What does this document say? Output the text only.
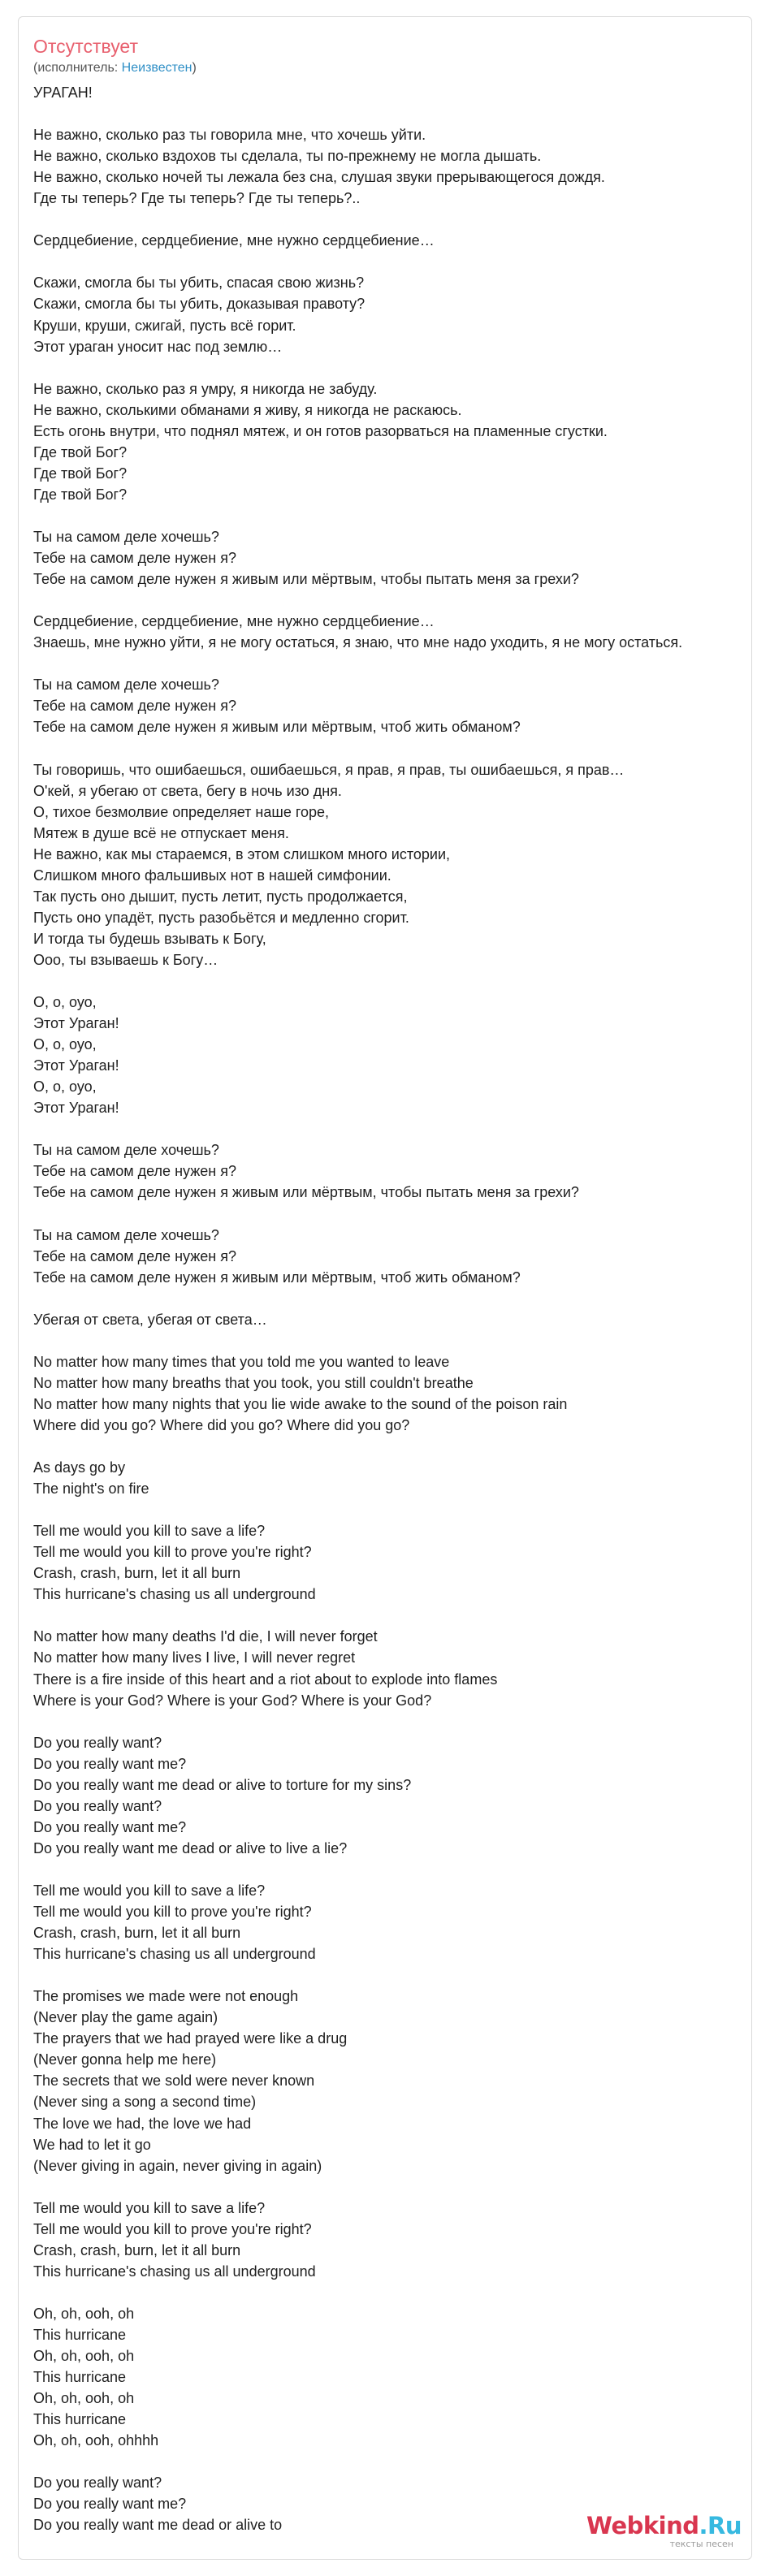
Отсутствует
(исполнитель: Неизвестен)
УРАГАН!
Не важно, сколько раз ты говорила мне, что хочешь уйти.
Не важно, сколько вздохов ты сделала, ты по-прежнему не могла дышать.
Не важно, сколько ночей ты лежала без сна, слушая звуки прерывающегося дождя.
Где ты теперь? Где ты теперь? Где ты теперь?..
Сердцебиение, сердцебиение, мне нужно сердцебиение…
Скажи, смогла бы ты убить, спасая свою жизнь?
Скажи, смогла бы ты убить, доказывая правоту?
Круши, круши, сжигай, пусть всё горит.
Этот ураган уносит нас под землю…
Не важно, сколько раз я умру, я никогда не забуду.
Не важно, сколькими обманами я живу, я никогда не раскаюсь.
Есть огонь внутри, что поднял мятеж, и он готов разорваться на пламенные сгустки.
Где твой Бог?
Где твой Бог?
Где твой Бог?
Ты на самом деле хочешь?
Тебе на самом деле нужен я?
Тебе на самом деле нужен я живым или мёртвым, чтобы пытать меня за грехи?
Сердцебиение, сердцебиение, мне нужно сердцебиение…
Знаешь, мне нужно уйти, я не могу остаться, я знаю, что мне надо уходить, я не могу остаться.
Ты на самом деле хочешь?
Тебе на самом деле нужен я?
Тебе на самом деле нужен я живым или мёртвым, чтоб жить обманом?
Ты говоришь, что ошибаешься, ошибаешься, я прав, я прав, ты ошибаешься, я прав…
О'кей, я убегаю от света, бегу в ночь изо дня.
О, тихое безмолвие определяет наше горе,
Мятеж в душе всё не отпускает меня.
Не важно, как мы стараемся, в этом слишком много истории,
Слишком много фальшивых нот в нашей симфонии.
Так пусть оно дышит, пусть летит, пусть продолжается,
Пусть оно упадёт, пусть разобьётся и медленно сгорит.
И тогда ты будешь взывать к Богу,
Ооо, ты взываешь к Богу…
О, о, оуо,
Этот Ураган!
О, о, оуо,
Этот Ураган!
О, о, оуо,
Этот Ураган!
Ты на самом деле хочешь?
Тебе на самом деле нужен я?
Тебе на самом деле нужен я живым или мёртвым, чтобы пытать меня за грехи?
Ты на самом деле хочешь?
Тебе на самом деле нужен я?
Тебе на самом деле нужен я живым или мёртвым, чтоб жить обманом?
Убегая от света, убегая от света…
No matter how many times that you told me you wanted to leave
No matter how many breaths that you took, you still couldn't breathe
No matter how many nights that you lie wide awake to the sound of the poison rain
Where did you go? Where did you go? Where did you go?
As days go by
The night's on fire
Tell me would you kill to save a life?
Tell me would you kill to prove you're right?
Crash, crash, burn, let it all burn
This hurricane's chasing us all underground
No matter how many deaths I'd die, I will never forget
No matter how many lives I live, I will never regret
There is a fire inside of this heart and a riot about to explode into flames
Where is your God? Where is your God? Where is your God?
Do you really want?
Do you really want me?
Do you really want me dead or alive to torture for my sins?
Do you really want?
Do you really want me?
Do you really want me dead or alive to live a lie?
Tell me would you kill to save a life?
Tell me would you kill to prove you're right?
Crash, crash, burn, let it all burn
This hurricane's chasing us all underground
The promises we made were not enough
(Never play the game again)
The prayers that we had prayed were like a drug
(Never gonna help me here)
The secrets that we sold were never known
(Never sing a song a second time)
The love we had, the love we had
We had to let it go
(Never giving in again, never giving in again)
Tell me would you kill to save a life?
Tell me would you kill to prove you're right?
Crash, crash, burn, let it all burn
This hurricane's chasing us all underground
Oh, oh, ooh, oh
This hurricane
Oh, oh, ooh, oh
This hurricane
Oh, oh, ooh, oh
This hurricane
Oh, oh, ooh, ohhhh
Do you really want?
Do you really want me?
Do you really want me dead or alive to	Webkind.Ru
тексты песен
